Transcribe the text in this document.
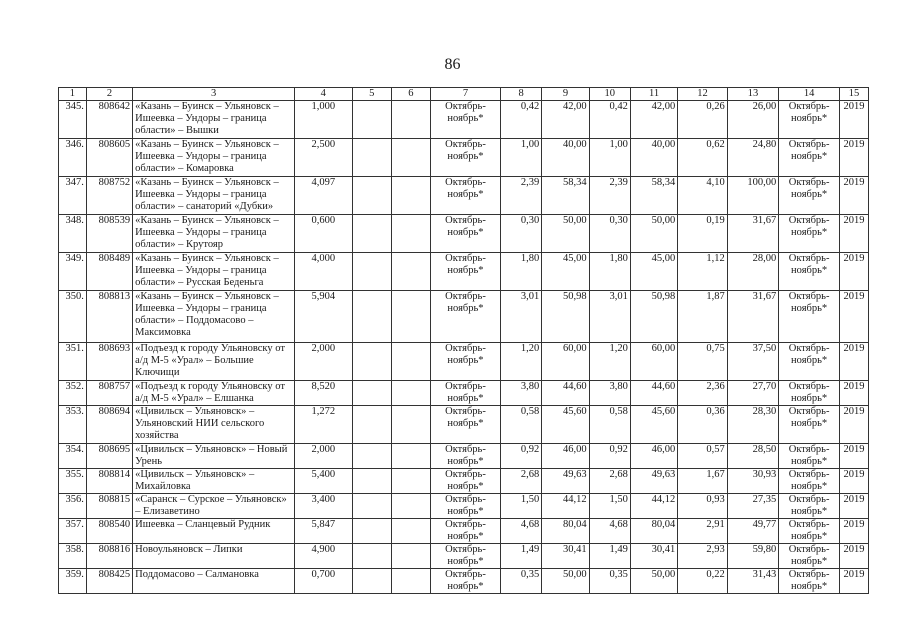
86
1	2	3	4	5	6	7	8	9	10	11	12	13	14	15
345.	808642	«Казань – Буинск – Ульяновск – Ишеевка – Ундоры – граница области» – Вышки	1,000			Октябрь-ноябрь*	0,42	42,00	0,42	42,00	0,26	26,00	Октябрь-ноябрь*	2019
346.	808605	«Казань – Буинск – Ульяновск – Ишеевка – Ундоры – граница области» – Комаровка	2,500			Октябрь-ноябрь*	1,00	40,00	1,00	40,00	0,62	24,80	Октябрь-ноябрь*	2019
347.	808752	«Казань – Буинск – Ульяновск – Ишеевка – Ундоры – граница области» – санаторий «Дубки»	4,097			Октябрь-ноябрь*	2,39	58,34	2,39	58,34	4,10	100,00	Октябрь-ноябрь*	2019
348.	808539	«Казань – Буинск – Ульяновск – Ишеевка – Ундоры – граница области» – Крутояр	0,600			Октябрь-ноябрь*	0,30	50,00	0,30	50,00	0,19	31,67	Октябрь-ноябрь*	2019
349.	808489	«Казань – Буинск – Ульяновск – Ишеевка – Ундоры – граница области» – Русская Беденьга	4,000			Октябрь-ноябрь*	1,80	45,00	1,80	45,00	1,12	28,00	Октябрь-ноябрь*	2019
350.	808813	«Казань – Буинск – Ульяновск – Ишеевка – Ундоры – граница области» – Поддомасово – Максимовка	5,904			Октябрь-ноябрь*	3,01	50,98	3,01	50,98	1,87	31,67	Октябрь-ноябрь*	2019
351.	808693	«Подъезд к городу Ульяновску от а/д М-5 «Урал» – Большие Ключищи	2,000			Октябрь-ноябрь*	1,20	60,00	1,20	60,00	0,75	37,50	Октябрь-ноябрь*	2019
352.	808757	«Подъезд к городу Ульяновску от а/д М-5 «Урал» – Елшанка	8,520			Октябрь-ноябрь*	3,80	44,60	3,80	44,60	2,36	27,70	Октябрь-ноябрь*	2019
353.	808694	«Цивильск – Ульяновск» – Ульяновский НИИ сельского хозяйства	1,272			Октябрь-ноябрь*	0,58	45,60	0,58	45,60	0,36	28,30	Октябрь-ноябрь*	2019
354.	808695	«Цивильск – Ульяновск» – Новый Урень	2,000			Октябрь-ноябрь*	0,92	46,00	0,92	46,00	0,57	28,50	Октябрь-ноябрь*	2019
355.	808814	«Цивильск – Ульяновск» – Михайловка	5,400			Октябрь-ноябрь*	2,68	49,63	2,68	49,63	1,67	30,93	Октябрь-ноябрь*	2019
356.	808815	«Саранск – Сурское – Ульяновск» – Елизаветино	3,400			Октябрь-ноябрь*	1,50	44,12	1,50	44,12	0,93	27,35	Октябрь-ноябрь*	2019
357.	808540	Ишеевка – Сланцевый Рудник	5,847			Октябрь-ноябрь*	4,68	80,04	4,68	80,04	2,91	49,77	Октябрь-ноябрь*	2019
358.	808816	Новоульяновск – Липки	4,900			Октябрь-ноябрь*	1,49	30,41	1,49	30,41	2,93	59,80	Октябрь-ноябрь*	2019
359.	808425	Поддомасово – Салмановка	0,700			Октябрь-ноябрь*	0,35	50,00	0,35	50,00	0,22	31,43	Октябрь-ноябрь*	2019
